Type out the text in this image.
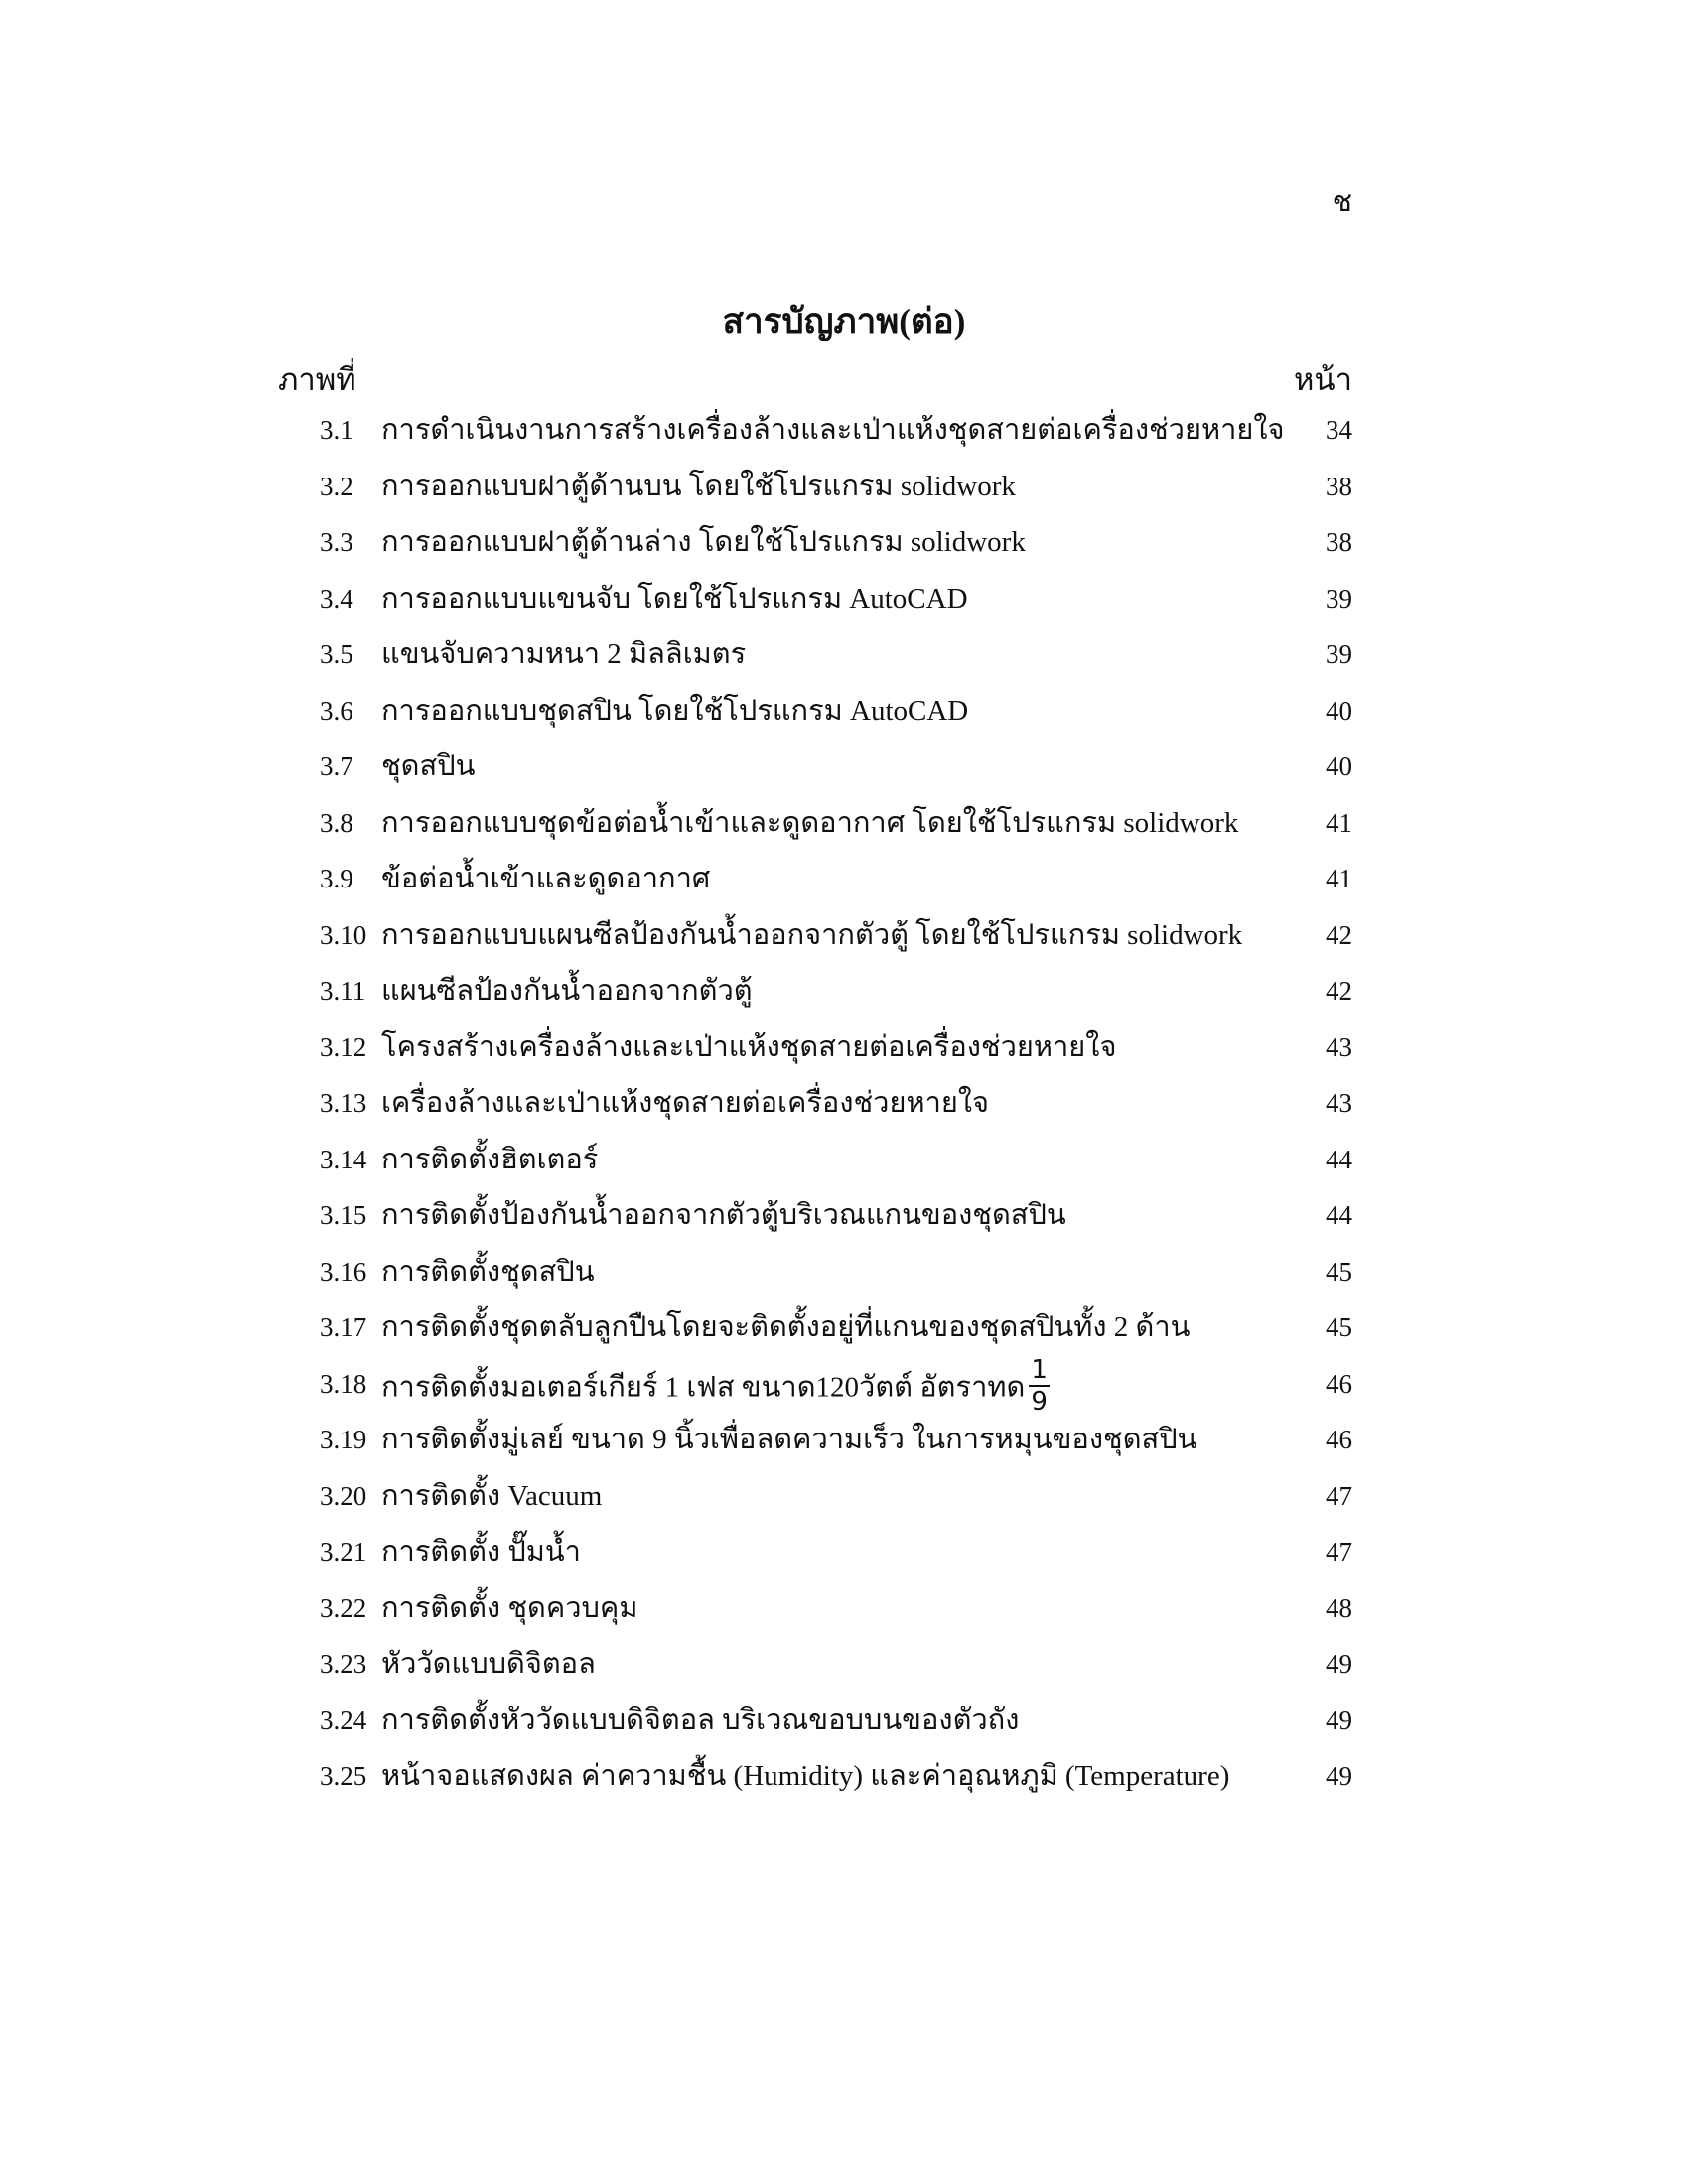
ช
สารบัญภาพ(ต่อ)
ภาพที่	หน้า
3.1 การดำเนินงานการสร้างเครื่องล้างและเป่าแห้งชุดสายต่อเครื่องช่วยหายใจ 34
3.2 การออกแบบฝาตู้ด้านบน โดยใช้โปรแกรม solidwork	38
3.3 การออกแบบฝาตู้ด้านล่าง โดยใช้โปรแกรม solidwork	38
3.4 การออกแบบแขนจับ โดยใช้โปรแกรม AutoCAD	39
3.5 แขนจับความหนา 2 มิลลิเมตร	39
3.6 การออกแบบชุดสปิน โดยใช้โปรแกรม AutoCAD	40
3.7 ชุดสปิน	40
3.8 การออกแบบชุดข้อต่อน้ำเข้าและดูดอากาศ โดยใช้โปรแกรม solidwork	41
3.9 ข้อต่อน้ำเข้าและดูดอากาศ	41
3.10 การออกแบบแผนซีลป้องกันน้ำออกจากตัวตู้ โดยใช้โปรแกรม solidwork	42
3.11 แผนซีลป้องกันน้ำออกจากตัวตู้	42
3.12 โครงสร้างเครื่องล้างและเป่าแห้งชุดสายต่อเครื่องช่วยหายใจ	43
3.13 เครื่องล้างและเป่าแห้งชุดสายต่อเครื่องช่วยหายใจ	43
3.14 การติดตั้งฮิตเตอร์	44
3.15 การติดตั้งป้องกันน้ำออกจากตัวตู้บริเวณแกนของชุดสปิน	44
3.16 การติดตั้งชุดสปิน	45
3.17 การติดตั้งชุดตลับลูกปืนโดยจะติดตั้งอยู่ที่แกนของชุดสปินทั้ง 2 ด้าน	45
3.18 การติดตั้งมอเตอร์เกียร์ 1 เฟส ขนาด120วัตต์ อัตราทด $\frac{1}{9}$	46
3.19 การติดตั้งมู่เลย์ ขนาด 9 นิ้วเพื่อลดความเร็ว ในการหมุนของชุดสปิน	46
3.20 การติดตั้ง Vacuum	47
3.21 การติดตั้ง ปั๊มน้ำ	47
3.22 การติดตั้ง ชุดควบคุม	48
3.23 หัววัดแบบดิจิตอล	49
3.24 การติดตั้งหัววัดแบบดิจิตอล บริเวณขอบบนของตัวถัง	49
3.25 หน้าจอแสดงผล ค่าความชื้น (Humidity) และค่าอุณหภูมิ (Temperature)	49
